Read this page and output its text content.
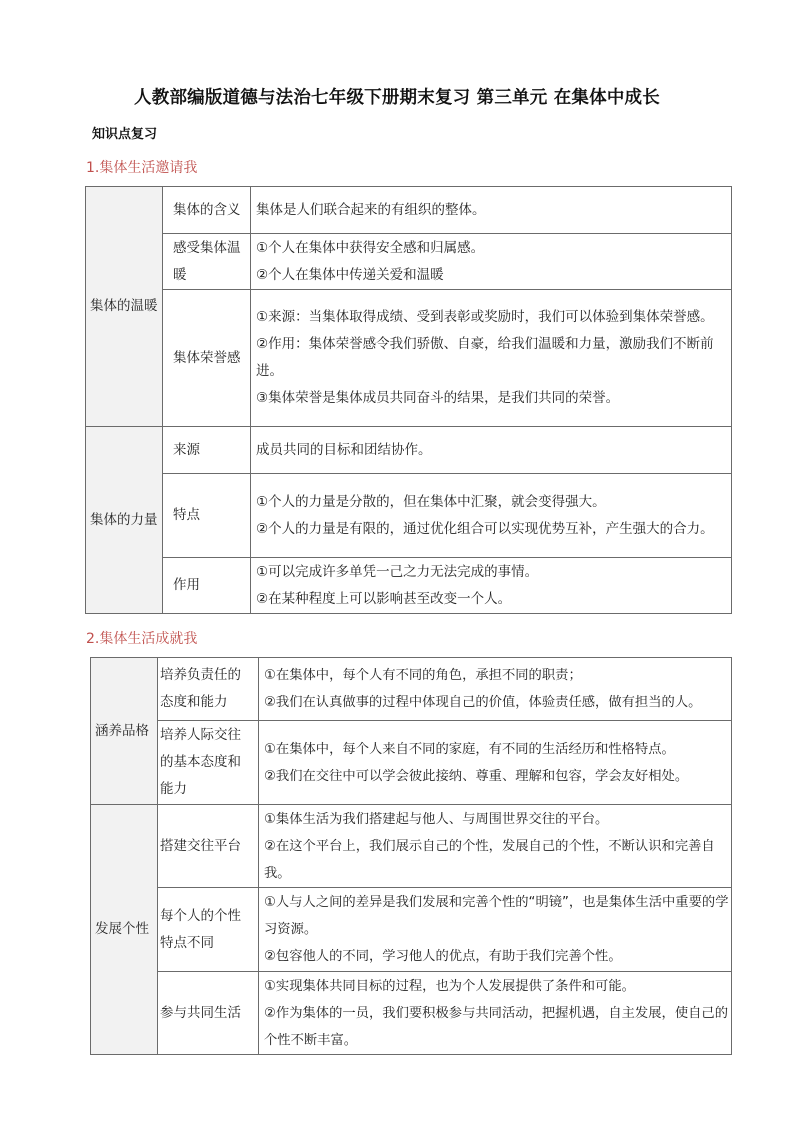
人教部编版道德与法治七年级下册期末复习 第三单元 在集体中成长
知识点复习
1.集体生活邀请我
集体的温暖	集体的含义	集体是人们联合起来的有组织的整体。

	感受集体温暖	①个人在集体中获得安全感和归属感。
②个人在集体中传递关爱和温暖

	集体荣誉感	①来源：当集体取得成绩、受到表彰或奖励时，我们可以体验到集体荣誉感。
②作用：集体荣誉感令我们骄傲、自豪，给我们温暖和力量，激励我们不断前进。
③集体荣誉是集体成员共同奋斗的结果，是我们共同的荣誉。

集体的力量	来源	成员共同的目标和团结协作。

	特点	①个人的力量是分散的，但在集体中汇聚，就会变得强大。
②个人的力量是有限的，通过优化组合可以实现优势互补，产生强大的合力。

	作用	①可以完成许多单凭一己之力无法完成的事情。
②在某种程度上可以影响甚至改变一个人。
2.集体生活成就我
涵养品格	培养负责任的态度和能力	①在集体中，每个人有不同的角色，承担不同的职责；
②我们在认真做事的过程中体现自己的价值，体验责任感，做有担当的人。

	培养人际交往的基本态度和能力	①在集体中，每个人来自不同的家庭，有不同的生活经历和性格特点。
②我们在交往中可以学会彼此接纳、尊重、理解和包容，学会友好相处。

发展个性	搭建交往平台	①集体生活为我们搭建起与他人、与周围世界交往的平台。
②在这个平台上，我们展示自己的个性，发展自己的个性，不断认识和完善自我。

	每个人的个性特点不同	①人与人之间的差异是我们发展和完善个性的“明镜”，也是集体生活中重要的学习资源。
②包容他人的不同，学习他人的优点，有助于我们完善个性。

	参与共同生活	①实现集体共同目标的过程，也为个人发展提供了条件和可能。
②作为集体的一员，我们要积极参与共同活动，把握机遇，自主发展，使自己的个性不断丰富。
